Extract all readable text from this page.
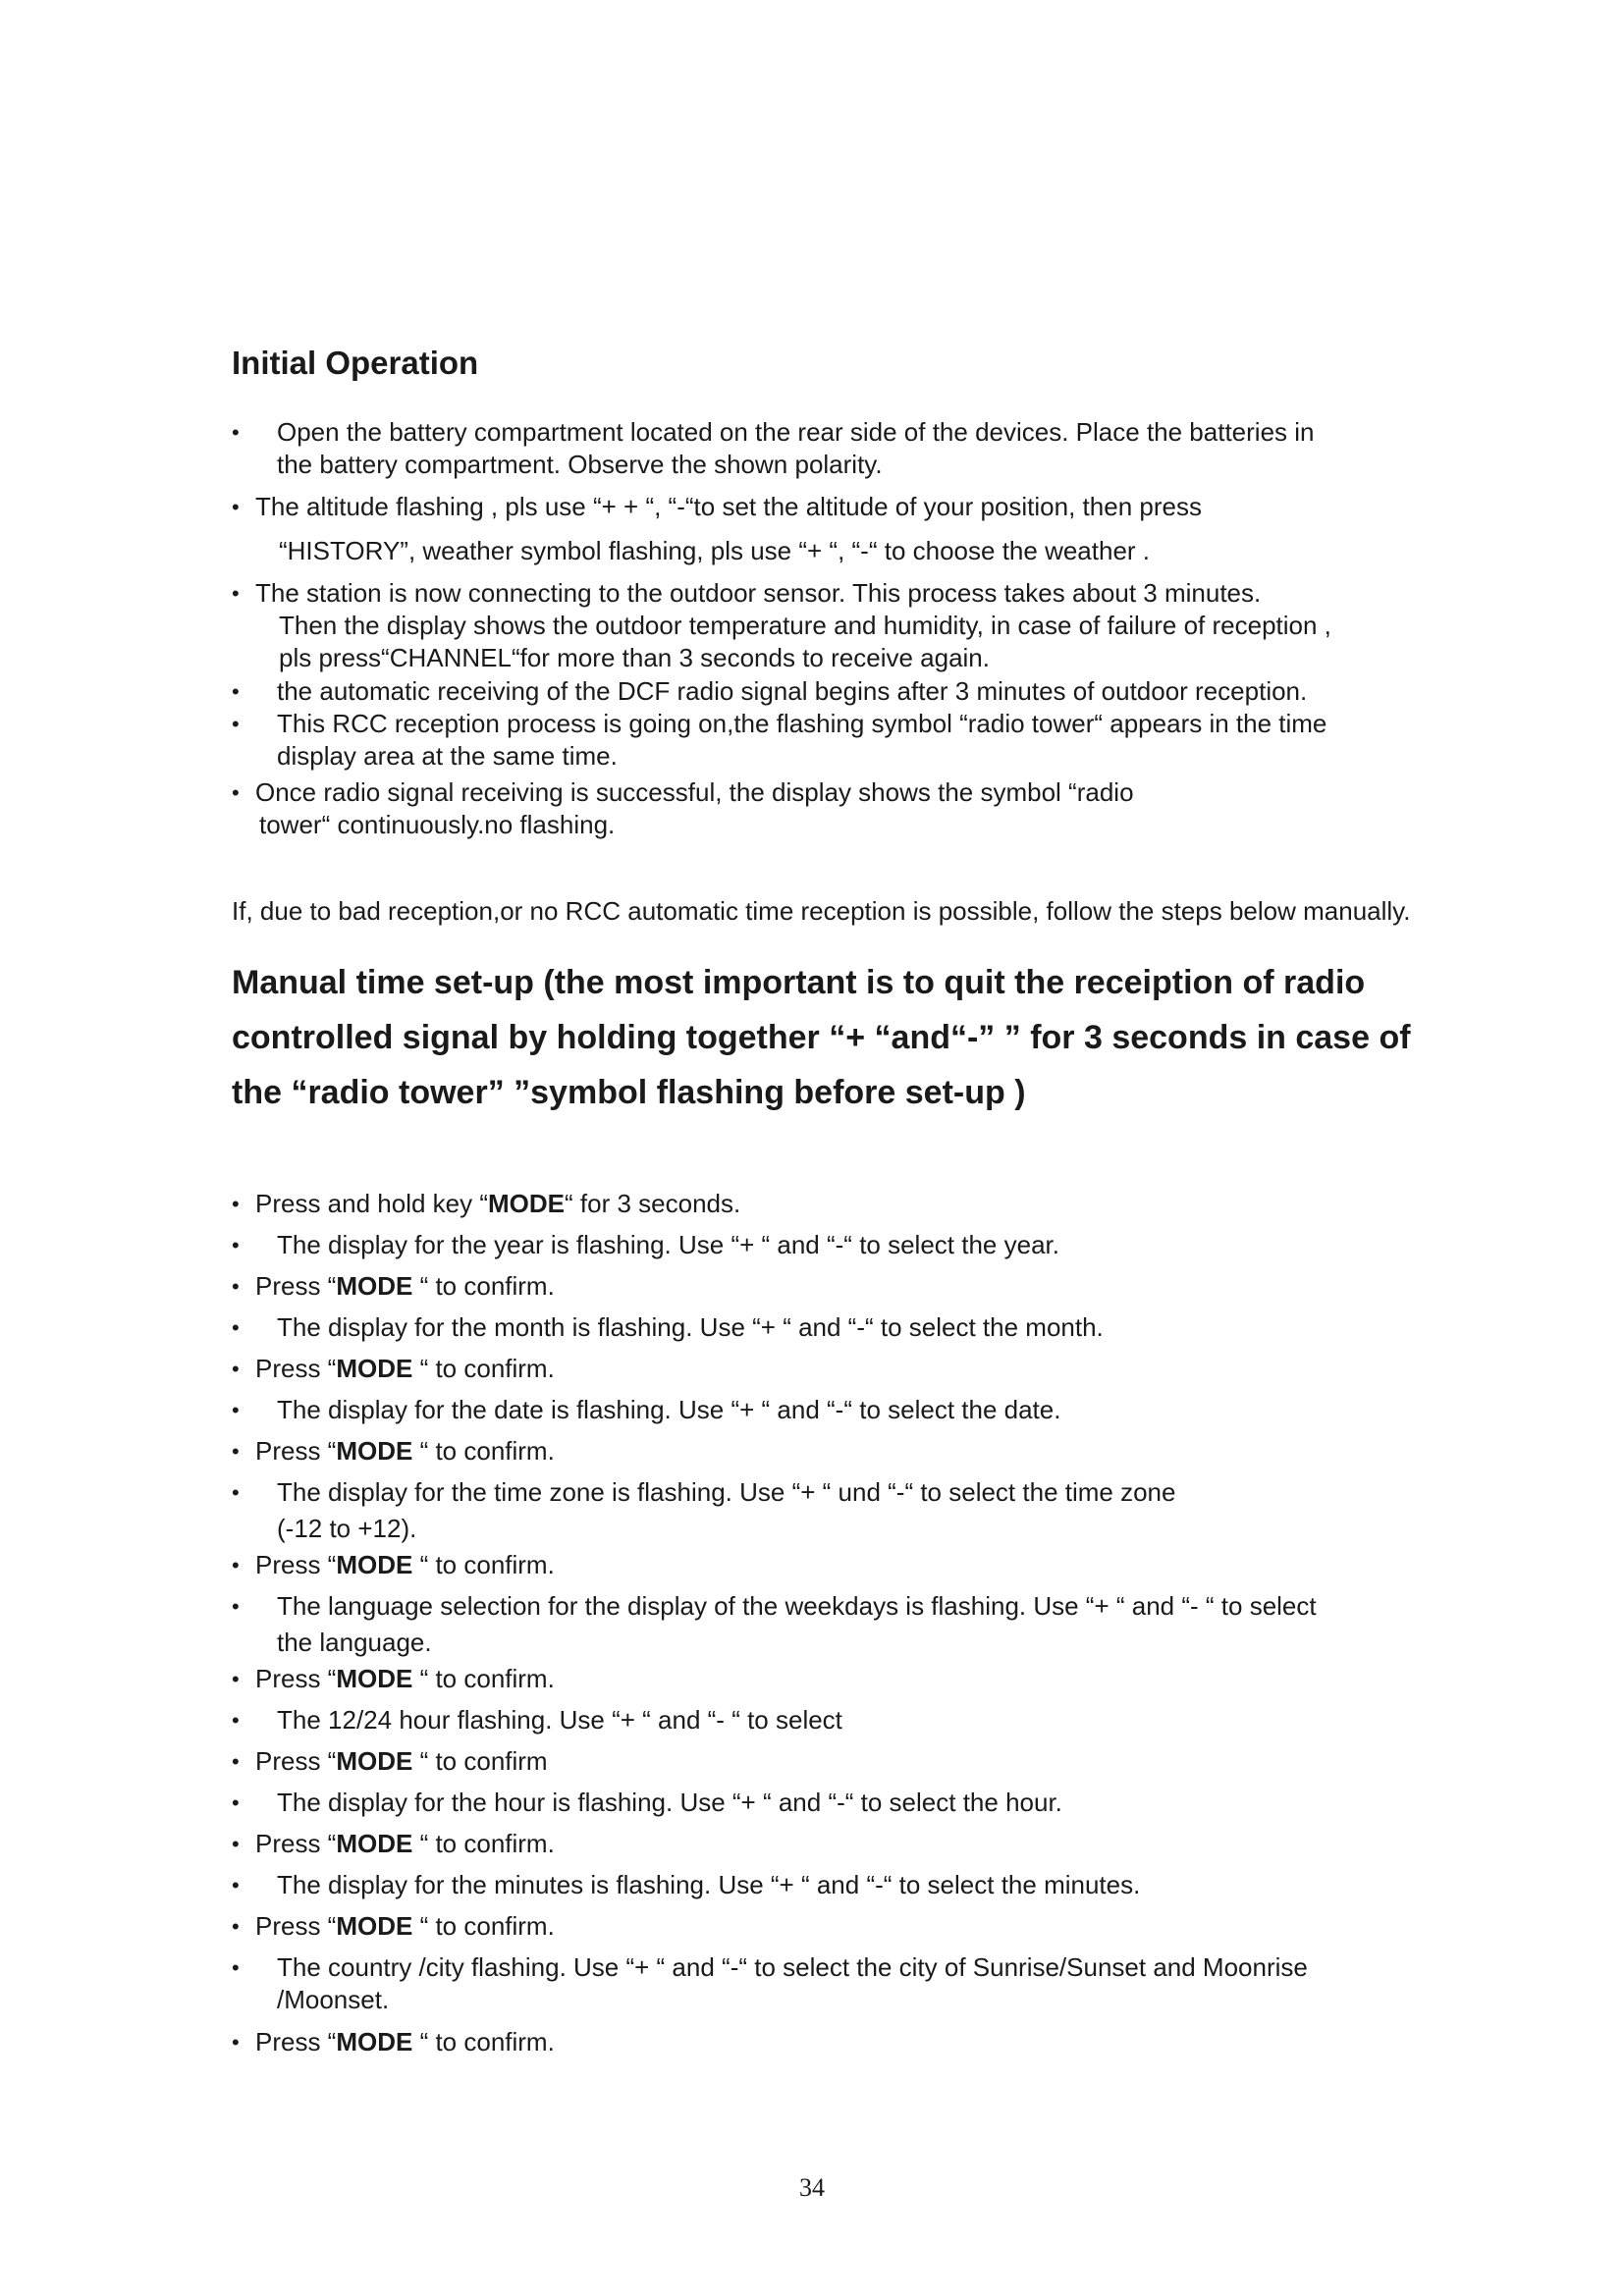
Initial Operation
•	Open the battery compartment located on the rear side of the devices. Place the batteries in
the battery compartment. Observe the shown polarity.
• The altitude flashing , pls use “+ + “, “-“to set the altitude of your position, then press
“HISTORY”, weather symbol flashing, pls use “+ “, “-“ to choose the weather .
• The station is now connecting to the outdoor sensor. This process takes about 3 minutes.
Then the display shows the outdoor temperature and humidity, in case of failure of reception ,
pls press“CHANNEL“for more than 3 seconds to receive again.
•	the automatic receiving of the DCF radio signal begins after 3 minutes of outdoor reception.
•	This RCC reception process is going on,the flashing symbol “radio tower“ appears in the time
display area at the same time.
• Once radio signal receiving is successful, the display shows the symbol “radio
tower“ continuously.no flashing.

If, due to bad reception,or no RCC automatic time reception is possible, follow the steps below manually.

Manual time set-up (the most important is to quit the receiption of radio
controlled signal by holding together “+ “and“-” ” for 3 seconds in case of
the “radio tower” ”symbol flashing before set-up )
• Press and hold key “MODE“ for 3 seconds.
•	The display for the year is flashing. Use “+ “ and “-“ to select the year.
• Press “MODE “ to confirm.
•	The display for the month is flashing. Use “+ “ and “-“ to select the month.
• Press “MODE “ to confirm.
•	The display for the date is flashing. Use “+ “ and “-“ to select the date.
• Press “MODE “ to confirm.
•	The display for the time zone is flashing. Use “+ “ und “-“ to select the time zone
(-12 to +12).
• Press “MODE “ to confirm.
•	The language selection for the display of the weekdays is flashing. Use “+ “ and “- “ to select
the language.
• Press “MODE “ to confirm.
•	The 12/24 hour flashing. Use “+ “ and “- “ to select
• Press “MODE “ to confirm
•	The display for the hour is flashing. Use “+ “ and “-“ to select the hour.
• Press “MODE “ to confirm.
•	The display for the minutes is flashing. Use “+ “ and “-“ to select the minutes.
• Press “MODE “ to confirm.
•	The country /city flashing. Use “+ “ and “-“ to select the city of Sunrise/Sunset and Moonrise
/Moonset.
• Press “MODE “ to confirm.
34
